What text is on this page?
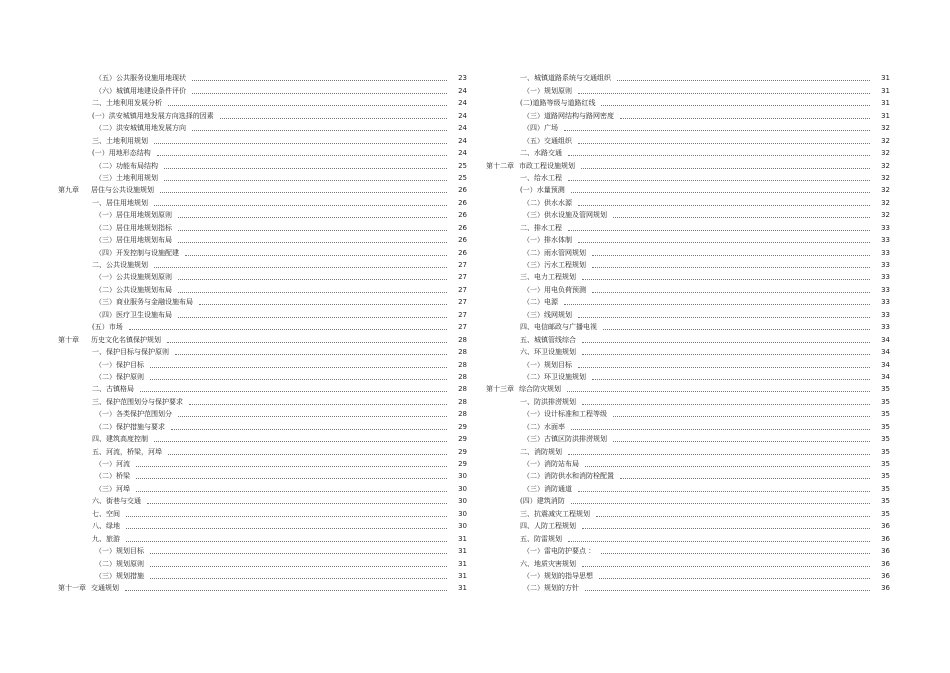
（五）公共服务设施用地现状	23
（六）城镇用地建设条件评价	24
二、土地利用发展分析	24
(一）洪安城镇用地发展方向选择的因素	24
（二）洪安城镇用地发展方向	24
三、土地利用规划	24
(一）用地形态结构	24
（二）功能布局结构	25
（三）土地利用规划	25
第九章 居住与公共设施规划	26
一、居住用地规划	26
（一）居住用地规划原则	26
（二）居住用地规划指标	26
（三）居住用地规划布局	26
（四）开发控制与设施配建	26
二、公共设施规划	27
（一）公共设施规划原则	27
（二）公共设施规划布局	27
（三）商业服务与金融设施布局	27
（四）医疗卫生设施布局	27
(五）市场	27
第十章 历史文化名镇保护规划	28
一、保护目标与保护原则	28
（一）保护目标	28
（二）保护原则	28
二、古镇格局	28
三、保护范围划分与保护要求	28
（一）各类保护范围划分	28
（二）保护措施与要求	29
四、建筑高度控制	29
五、河流，桥梁，河埠	29
（一）河流	29
（二）桥梁	30
（三）河埠	30
六、街巷与交通	30
七、空间	30
八、绿地	30
九、旅游	31
（一）规划目标	31
（二）规划原则	31
（三）规划措施	31
第十一章 交通规划	31
一、城镇道路系统与交通组织	31
（一）规划原则	31
(二)道路等级与道路红线	31
（三）道路网结构与路网密度	31
（四）广场	32
（五）交通组织	32
二、水路交通	32
第十二章 市政工程设施规划	32
一、给水工程	32
(一）水量预测	32
（二）供水水源	32
（三）供水设施及管网规划	32
二、排水工程	33
（一）排水体制	33
（二）雨水管网规划	33
（三）污水工程规划	33
三、电力工程规划	33
（一）用电负荷预测	33
（二）电源	33
（三）线网规划	33
四、电信邮政与广播电视	33
五、城镇管线综合	34
六、环卫设施规划	34
（一）规划目标	34
（二）环卫设施规划	34
第十三章 综合防灾规划	35
一、防洪排涝规划	35
（一）设计标准和工程等级	35
（二）水面率	35
（三）古镇区防洪排涝规划	35
二、消防规划	35
（一）消防站布局	35
（二）消防供水和消防栓配置	35
（三）消防通道	35
(四）建筑消防	35
三、抗震减灾工程规划	35
四、人防工程规划	36
五、防雷规划	36
（一）雷电防护要点 ：	36
六、地质灾害规划	36
（一）规划的指导思想	36
（二）规划的方针	36
